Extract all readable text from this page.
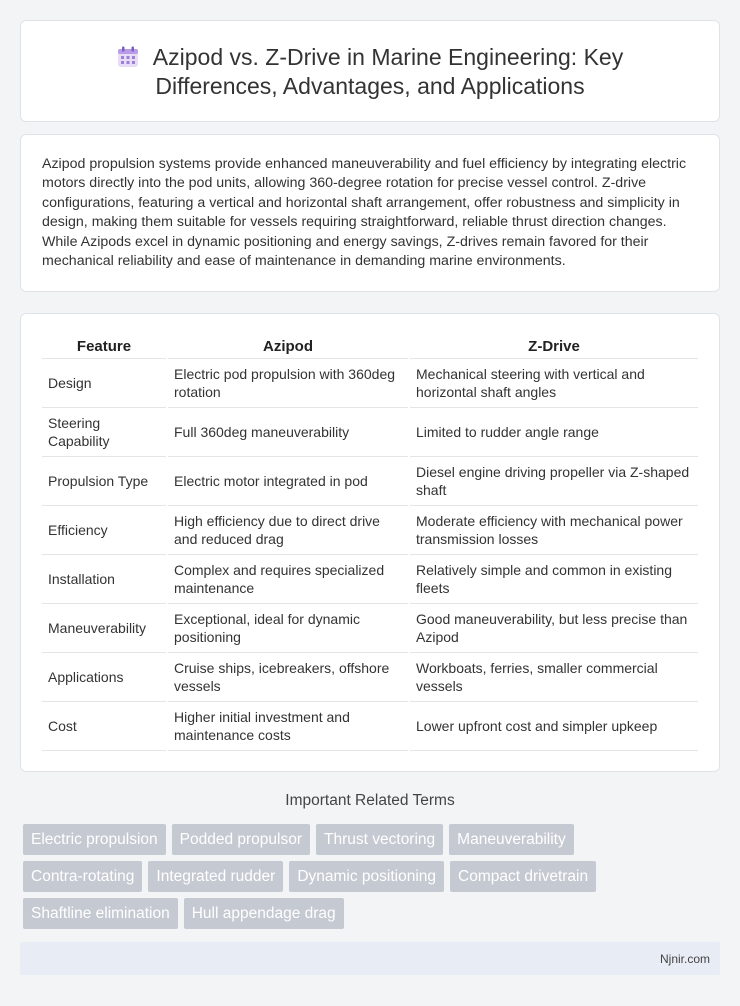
Azipod vs. Z-Drive in Marine Engineering: Key Differences, Advantages, and Applications

Azipod propulsion systems provide enhanced maneuverability and fuel efficiency by integrating electric motors directly into the pod units, allowing 360-degree rotation for precise vessel control. Z-drive configurations, featuring a vertical and horizontal shaft arrangement, offer robustness and simplicity in design, making them suitable for vessels requiring straightforward, reliable thrust direction changes. While Azipods excel in dynamic positioning and energy savings, Z-drives remain favored for their mechanical reliability and ease of maintenance in demanding marine environments.

Feature	Azipod	Z-Drive
Design	Electric pod propulsion with 360deg rotation	Mechanical steering with vertical and horizontal shaft angles
Steering Capability	Full 360deg maneuverability	Limited to rudder angle range
Propulsion Type	Electric motor integrated in pod	Diesel engine driving propeller via Z-shaped shaft
Efficiency	High efficiency due to direct drive and reduced drag	Moderate efficiency with mechanical power transmission losses
Installation	Complex and requires specialized maintenance	Relatively simple and common in existing fleets
Maneuverability	Exceptional, ideal for dynamic positioning	Good maneuverability, but less precise than Azipod
Applications	Cruise ships, icebreakers, offshore vessels	Workboats, ferries, smaller commercial vessels
Cost	Higher initial investment and maintenance costs	Lower upfront cost and simpler upkeep
Important Related Terms
Electric propulsion	Podded propulsor	Thrust vectoring	Maneuverability
Contra-rotating	Integrated rudder	Dynamic positioning	Compact drivetrain
Shaftline elimination	Hull appendage drag
Njnir.com
